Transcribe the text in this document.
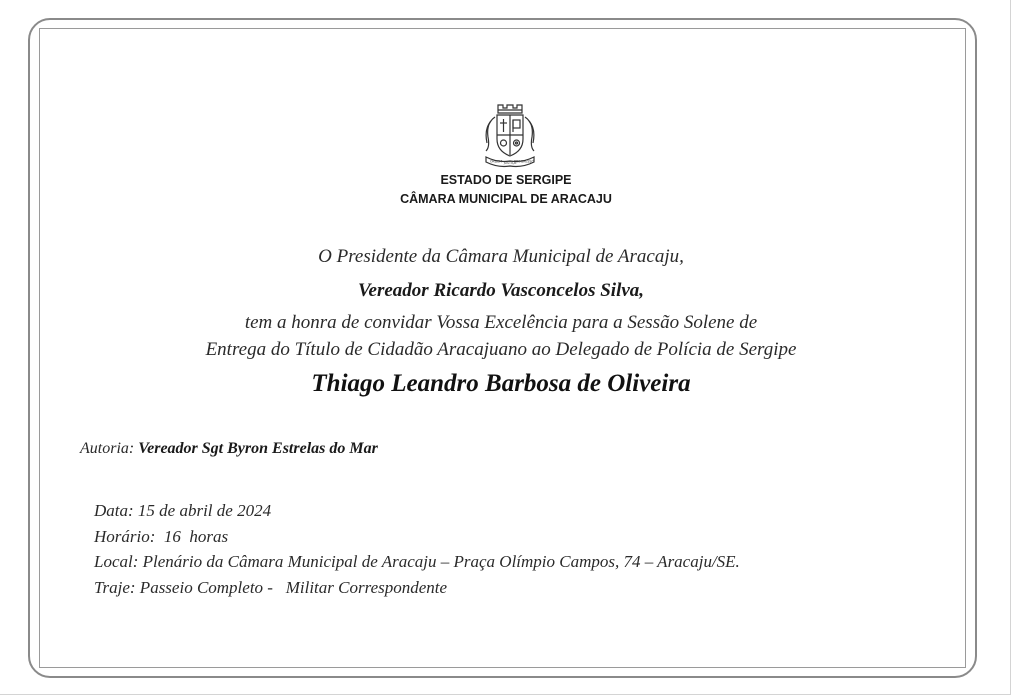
ORDEM JUSTIÇA
PROGRESSO
ESTADO DE SERGIPE
CÂMARA MUNICIPAL DE ARACAJU
O Presidente da Câmara Municipal de Aracaju,
Vereador Ricardo Vasconcelos Silva,
tem a honra de convidar Vossa Excelência para a Sessão Solene de
Entrega do Título de Cidadão Aracajuano ao Delegado de Polícia de Sergipe
Thiago Leandro Barbosa de Oliveira
Autoria: Vereador Sgt Byron Estrelas do Mar
Data: 15 de abril de 2024
Horário:  16  horas
Local: Plenário da Câmara Municipal de Aracaju – Praça Olímpio Campos, 74 – Aracaju/SE.
Traje: Passeio Completo -   Militar Correspondente
